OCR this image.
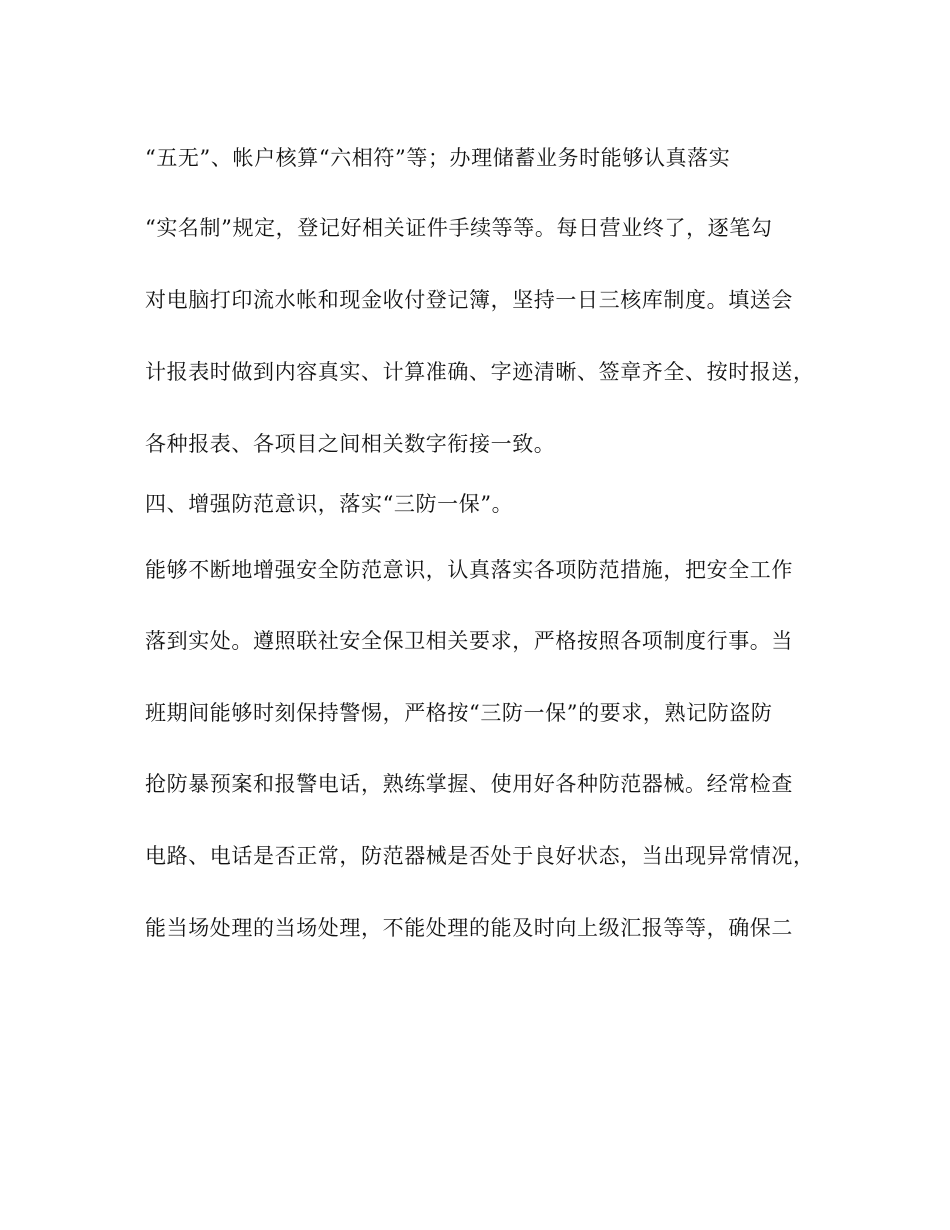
“五无”、帐户核算“六相符”等；办理储蓄业务时能够认真落实
“实名制”规定，登记好相关证件手续等等。每日营业终了，逐笔勾
对电脑打印流水帐和现金收付登记簿，坚持一日三核库制度。填送会
计报表时做到内容真实、计算准确、字迹清晰、签章齐全、按时报送，
各种报表、各项目之间相关数字衔接一致。
四、增强防范意识，落实“三防一保”。
能够不断地增强安全防范意识，认真落实各项防范措施，把安全工作
落到实处。遵照联社安全保卫相关要求，严格按照各项制度行事。当
班期间能够时刻保持警惕，严格按“三防一保”的要求，熟记防盗防
抢防暴预案和报警电话，熟练掌握、使用好各种防范器械。经常检查
电路、电话是否正常，防范器械是否处于良好状态，当出现异常情况，
能当场处理的当场处理，不能处理的能及时向上级汇报等等，确保二
